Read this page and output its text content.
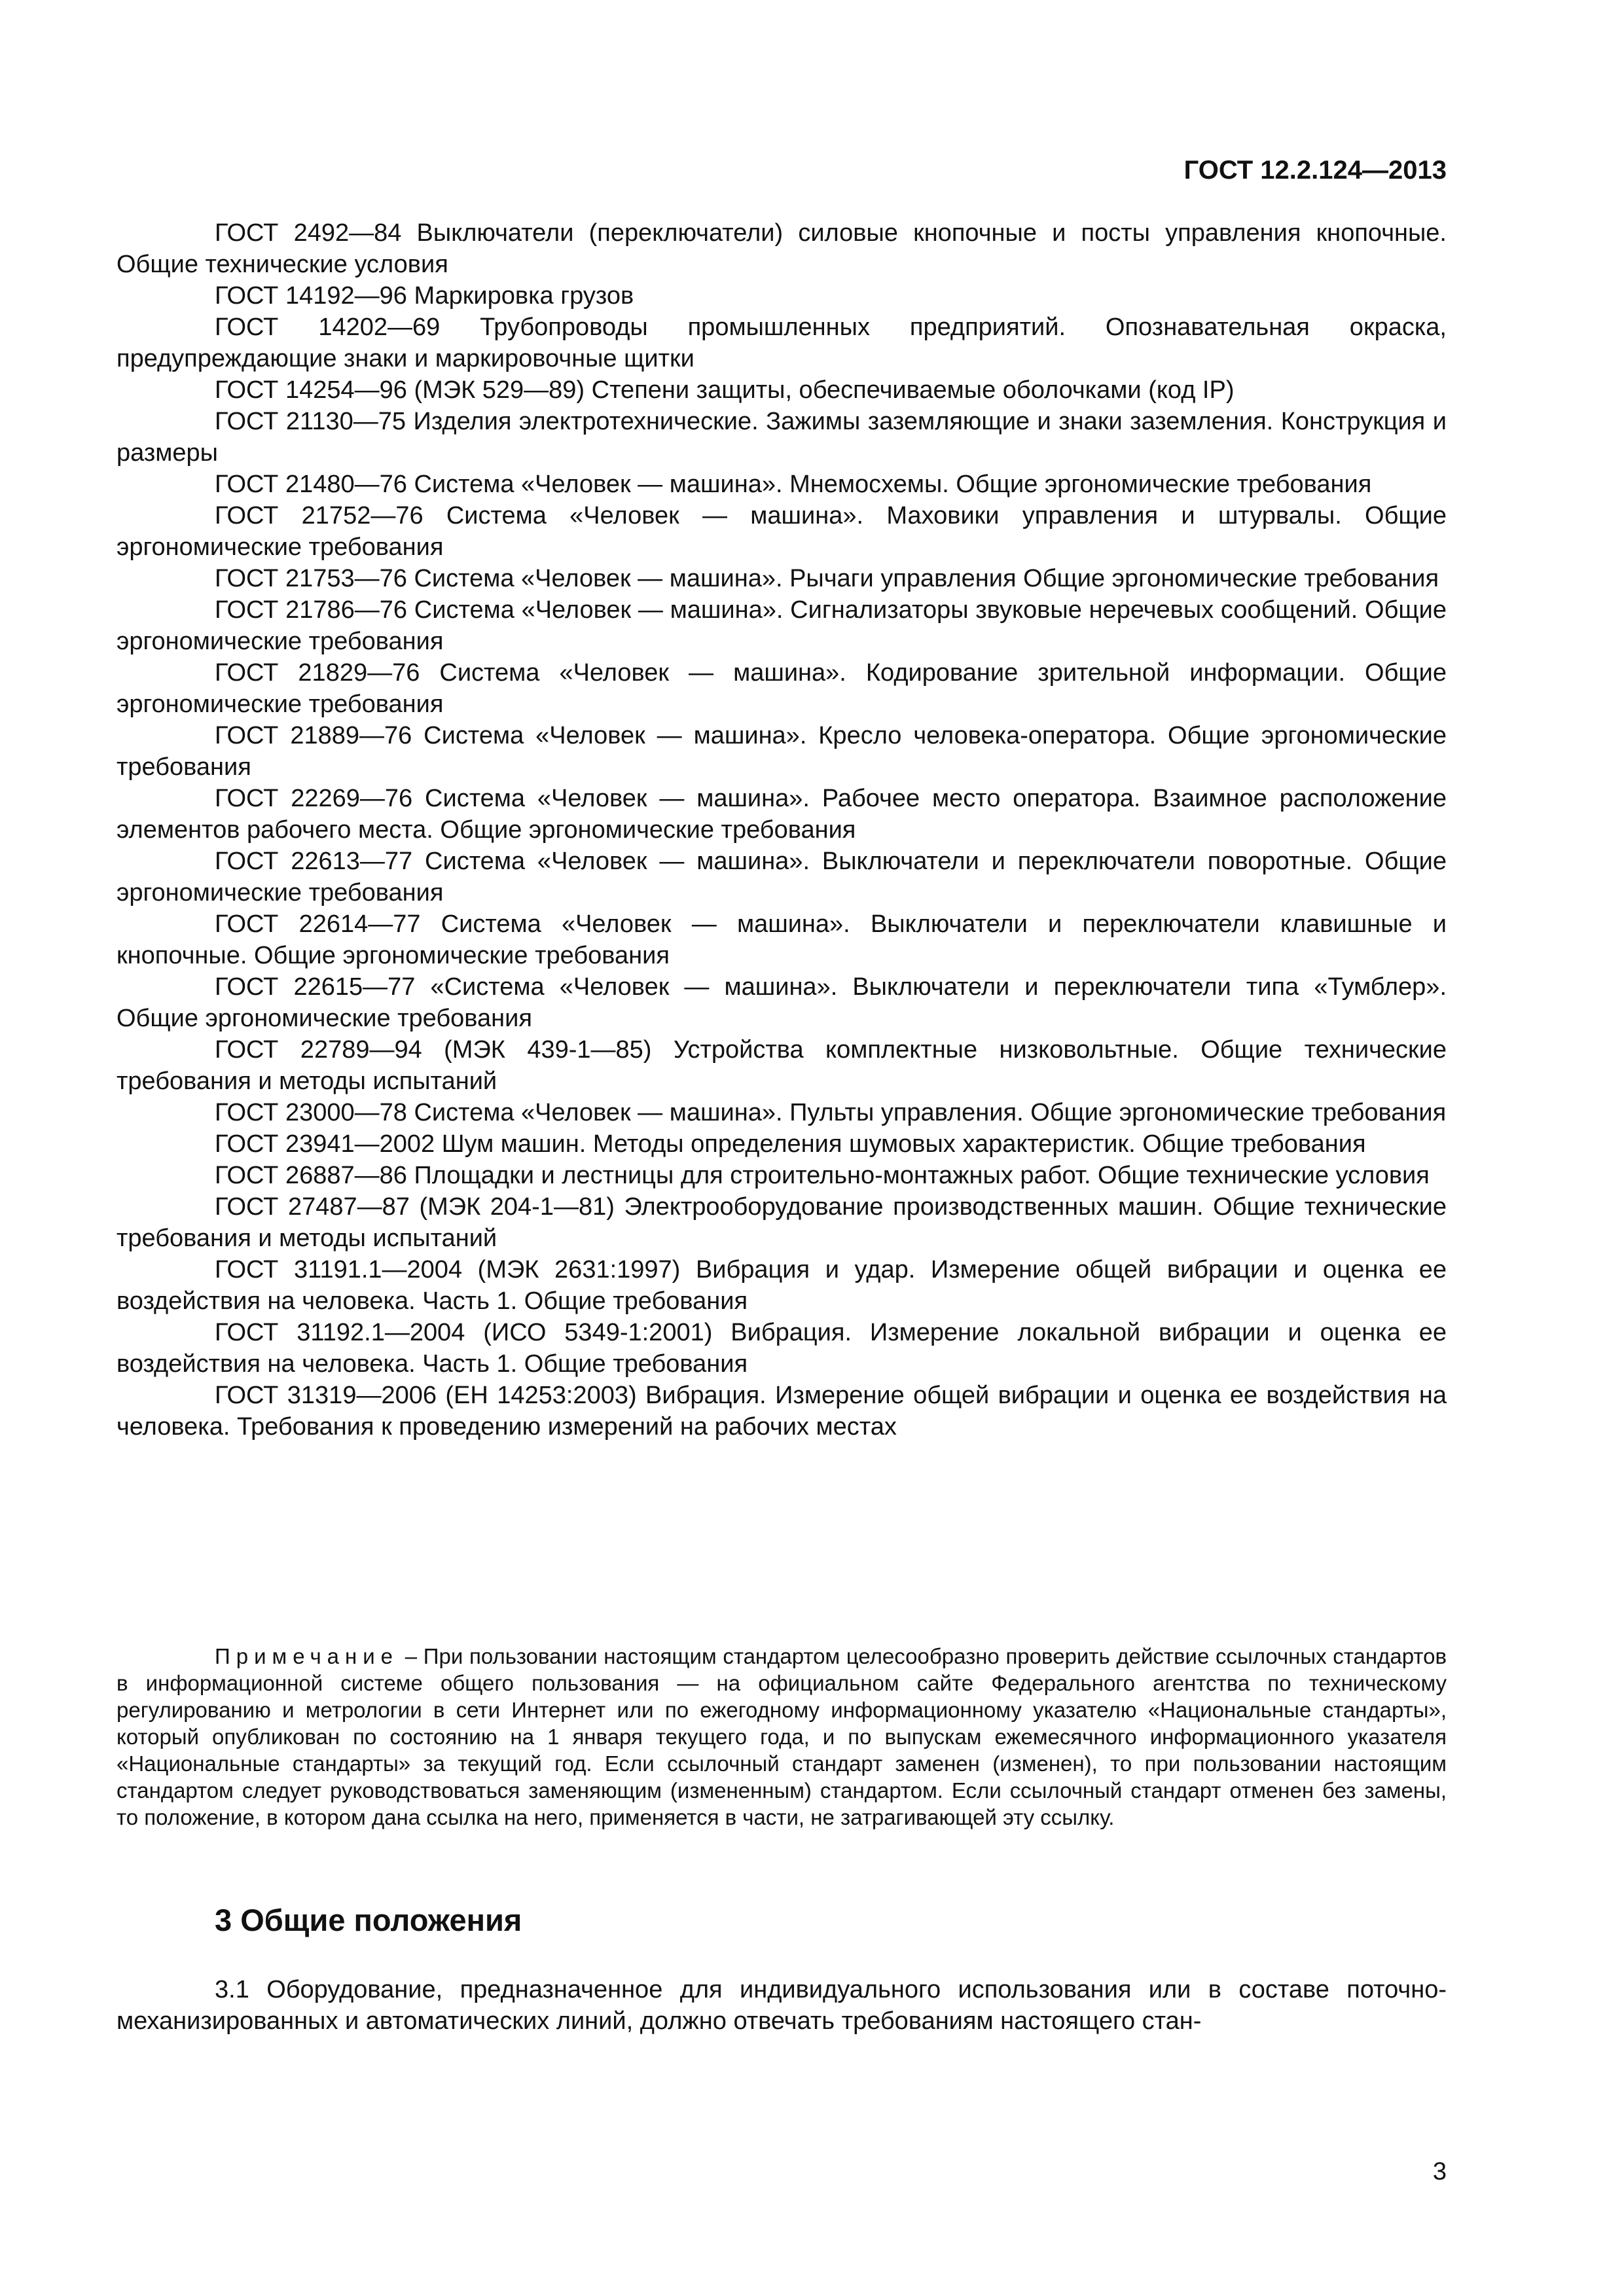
ГОСТ 12.2.124—2013

ГОСТ 2492—84 Выключатели (переключатели) силовые кнопочные и посты управления кнопочные. Общие технические условия

ГОСТ 14192—96 Маркировка грузов

ГОСТ 14202—69 Трубопроводы промышленных предприятий. Опознавательная окраска, предупреждающие знаки и маркировочные щитки

ГОСТ 14254—96 (МЭК 529—89) Степени защиты, обеспечиваемые оболочками (код IP)

ГОСТ 21130—75 Изделия электротехнические. Зажимы заземляющие и знаки заземления. Конструкция и размеры

ГОСТ 21480—76 Система «Человек — машина». Мнемосхемы. Общие эргономические требования

ГОСТ 21752—76 Система «Человек — машина». Маховики управления и штурвалы. Общие эргономические требования

ГОСТ 21753—76 Система «Человек — машина». Рычаги управления Общие эргономические требования

ГОСТ 21786—76 Система «Человек — машина». Сигнализаторы звуковые неречевых сообщений. Общие эргономические требования

ГОСТ 21829—76 Система «Человек — машина». Кодирование зрительной информации. Общие эргономические требования

ГОСТ 21889—76 Система «Человек — машина». Кресло человека-оператора. Общие эргономические требования

ГОСТ 22269—76 Система «Человек — машина». Рабочее место оператора. Взаимное расположение элементов рабочего места. Общие эргономические требования

ГОСТ 22613—77 Система «Человек — машина». Выключатели и переключатели поворотные. Общие эргономические требования

ГОСТ 22614—77 Система «Человек — машина». Выключатели и переключатели клавишные и кнопочные. Общие эргономические требования

ГОСТ 22615—77 «Система «Человек — машина». Выключатели и переключатели типа «Тумблер». Общие эргономические требования

ГОСТ 22789—94 (МЭК 439-1—85) Устройства комплектные низковольтные. Общие технические требования и методы испытаний

ГОСТ 23000—78 Система «Человек — машина». Пульты управления. Общие эргономические требования

ГОСТ 23941—2002 Шум машин. Методы определения шумовых характеристик. Общие требования

ГОСТ 26887—86 Площадки и лестницы для строительно-монтажных работ. Общие технические условия

ГОСТ 27487—87 (МЭК 204-1—81) Электрооборудование производственных машин. Общие технические требования и методы испытаний

ГОСТ 31191.1—2004 (МЭК 2631:1997) Вибрация и удар. Измерение общей вибрации и оценка ее воздействия на человека. Часть 1. Общие требования

ГОСТ 31192.1—2004 (ИСО 5349-1:2001) Вибрация. Измерение локальной вибрации и оценка ее воздействия на человека. Часть 1. Общие требования

ГОСТ 31319—2006 (ЕН 14253:2003) Вибрация. Измерение общей вибрации и оценка ее воздействия на человека. Требования к проведению измерений на рабочих местах

Примечание – При пользовании настоящим стандартом целесообразно проверить действие ссылочных стандартов в информационной системе общего пользования — на официальном сайте Федерального агентства по техническому регулированию и метрологии в сети Интернет или по ежегодному информационному указателю «Национальные стандарты», который опубликован по состоянию на 1 января текущего года, и по выпускам ежемесячного информационного указателя «Национальные стандарты» за текущий год. Если ссылочный стандарт заменен (изменен), то при пользовании настоящим стандартом следует руководствоваться заменяющим (измененным) стандартом. Если ссылочный стандарт отменен без замены, то положение, в котором дана ссылка на него, применяется в части, не затрагивающей эту ссылку.

3 Общие положения

3.1 Оборудование, предназначенное для индивидуального использования или в составе поточно-механизированных и автоматических линий, должно отвечать требованиям настоящего стан-

3
